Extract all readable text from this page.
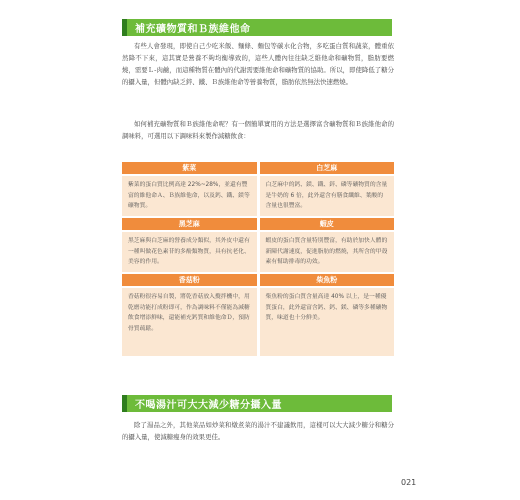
補充礦物質和Ｂ族維他命

有些人會發現，即使自己少吃米飯、麵條、麵包等碳水化合物，多吃蛋白質和蔬菜，體重依然降不下來，這其實是營養不夠均衡導致的，這些人體內往往缺乏維他命和礦物質，脂肪要燃燒，需要Ｌ-肉鹼，而這種物質在體內的代謝需要維他命和礦物質的協助。所以，即使降低了糖分的攝入量，但體內缺乏鋅、鐵、Ｂ族維他命等營養物質，脂肪依然無法快速燃燒。

如何補充礦物質和Ｂ族維他命呢？有一個簡單實用的方法是選擇富含礦物質和Ｂ族維他命的調味料，可選用以下調味料來製作減糖飲食：

紫菜	白芝麻
紫菜的蛋白質比例高達 22%~28%，並還有豐富的維他命Ａ、Ｂ族維他命，以及鈣、鐵、鎂等礦物質。
白芝麻中的鈣、鎂、鐵、鋅、磷等礦物質的含量是牛奶的 6 倍，此外還含有膳食纖維、葉酸的含量也很豐富。
黑芝麻	蝦皮
黑芝麻與白芝麻的營養成分類似，其外皮中還有一種叫做花色素苷的多酚類物質，具有抗老化、美容的作用。
蝦皮的蛋白質含量特別豐富，有助於加快人體的新陳代謝速度，促進脂肪的燃燒，其所含的甲殼素有幫助排毒的功效。
香菇粉	柴魚粉
香菇粉很容易自製，將乾香菇放入攪拌機中，用乾磨功能打成粉即可，作為調味料不僅能為減糖飲食增添鮮味，還能補充鈣質和維他命Ｄ，預防骨質疏鬆。
柴魚粉的蛋白質含量高達 40% 以上，是一種優質蛋白，此外還富含鈣、鈣、鎂、磷等多種礦物質，味道也十分鮮美。
不喝湯汁可大大減少糖分攝入量

除了湯品之外，其他菜品如炒菜和燉煮菜的湯汁不建議飲用，這樣可以大大減少糖分和糖分的攝入量，使減糖瘦身的效果更佳。

021
